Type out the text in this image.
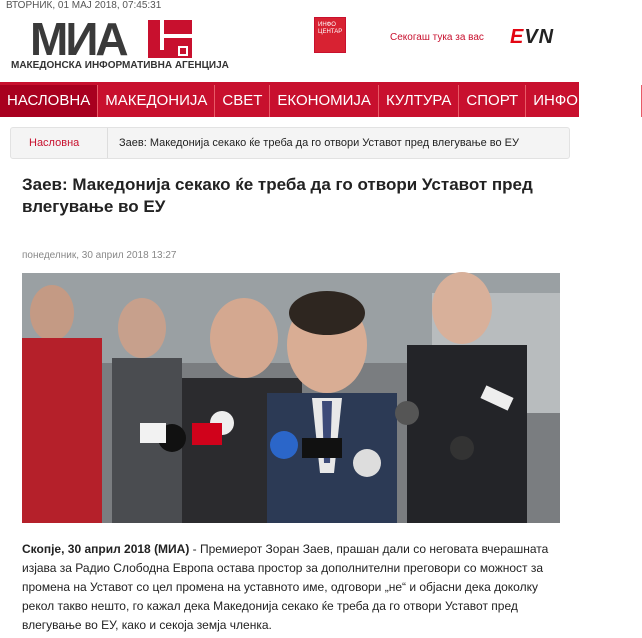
ВТОРНИК, 01 МАЈ 2018, 07:45:31
МИА
МАКЕДОНСКА ИНФОРМАТИВНА АГЕНЦИЈА
ИНФО ЦЕНТАР	Секогаш тука за вас EVN
НАСЛОВНА	МАКЕДОНИЈА	СВЕТ	ЕКОНОМИЈА	КУЛТУРА	СПОРТ	ИНФО СЕРВИ
Насловна	Заев: Македонија секако ќе треба да го отвори Уставот пред влегување во ЕУ
Заев: Македонија секако ќе треба да го отвори Уставот пред влегување во ЕУ
понеделник, 30 април 2018 13:27
Скопје, 30 април 2018 (МИА) - Премиерот Зоран Заев, прашан дали со неговата вчерашната изјава за Радио Слободна Европа остава простор за дополнителни преговори со можност за промена на Уставот со цел промена на уставното име, одговори „не“ и објасни дека доколку рекол такво нешто, го кажал дека Македонија секако ќе треба да го отвори Уставот пред влегување во ЕУ, како и секоја земја членка.
